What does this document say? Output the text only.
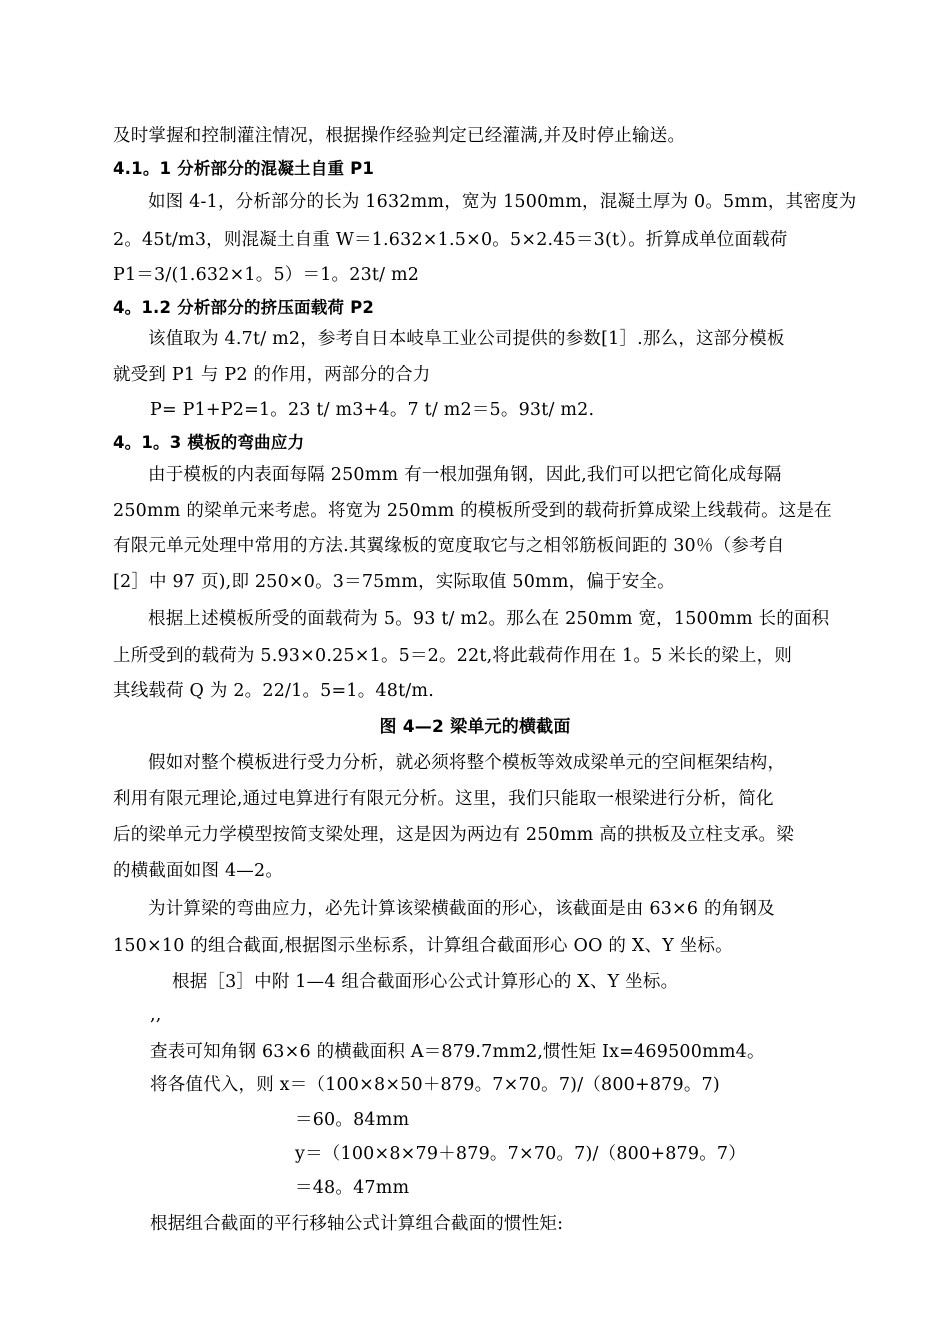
及时掌握和控制灌注情况，根据操作经验判定已经灌满,并及时停止输送。
4.1。1 分析部分的混凝土自重 P1
如图 4-1，分析部分的长为 1632mm，宽为 1500mm，混凝土厚为 0。5mm，其密度为
2。45t/m3，则混凝土自重 W＝1.632×1.5×0。5×2.45＝3(t）。折算成单位面载荷
P1＝3/(1.632×1。5）＝1。23t/ m2
4。1.2 分析部分的挤压面载荷 P2
该值取为 4.7t/ m2，参考自日本岐阜工业公司提供的参数[1］.那么，这部分模板
就受到 P1 与 P2 的作用，两部分的合力
P= P1+P2=1。23 t/ m3+4。7 t/ m2＝5。93t/ m2.
4。1。3 模板的弯曲应力
由于模板的内表面每隔 250mm 有一根加强角钢，因此,我们可以把它简化成每隔
250mm 的梁单元来考虑。将宽为 250mm 的模板所受到的载荷折算成梁上线载荷。这是在
有限元单元处理中常用的方法.其翼缘板的宽度取它与之相邻筋板间距的 30％（参考自
[2］中 97 页),即 250×0。3＝75mm，实际取值 50mm，偏于安全。
根据上述模板所受的面载荷为 5。93 t/ m2。那么在 250mm 宽，1500mm 长的面积
上所受到的载荷为 5.93×0.25×1。5＝2。22t,将此载荷作用在 1。5 米长的梁上，则
其线载荷 Q 为 2。22/1。5=1。48t/m.
图 4—2 梁单元的横截面
假如对整个模板进行受力分析，就必须将整个模板等效成梁单元的空间框架结构，
利用有限元理论,通过电算进行有限元分析。这里，我们只能取一根梁进行分析，简化
后的梁单元力学模型按简支梁处理，这是因为两边有 250mm 高的拱板及立柱支承。梁
的横截面如图 4—2。
为计算梁的弯曲应力，必先计算该梁横截面的形心，该截面是由 63×6 的角钢及
150×10 的组合截面,根据图示坐标系，计算组合截面形心 OO 的 X、Y 坐标。
根据［3］中附 1—4 组合截面形心公式计算形心的 X、Y 坐标。
,,
查表可知角钢 63×6 的横截面积 A＝879.7mm2,惯性矩 Ix=469500mm4。
将各值代入，则 x＝（100×8×50＋879。7×70。7)/（800+879。7)
＝60。84mm
y＝（100×8×79＋879。7×70。7)/（800+879。7）
＝48。47mm
根据组合截面的平行移轴公式计算组合截面的惯性矩:
